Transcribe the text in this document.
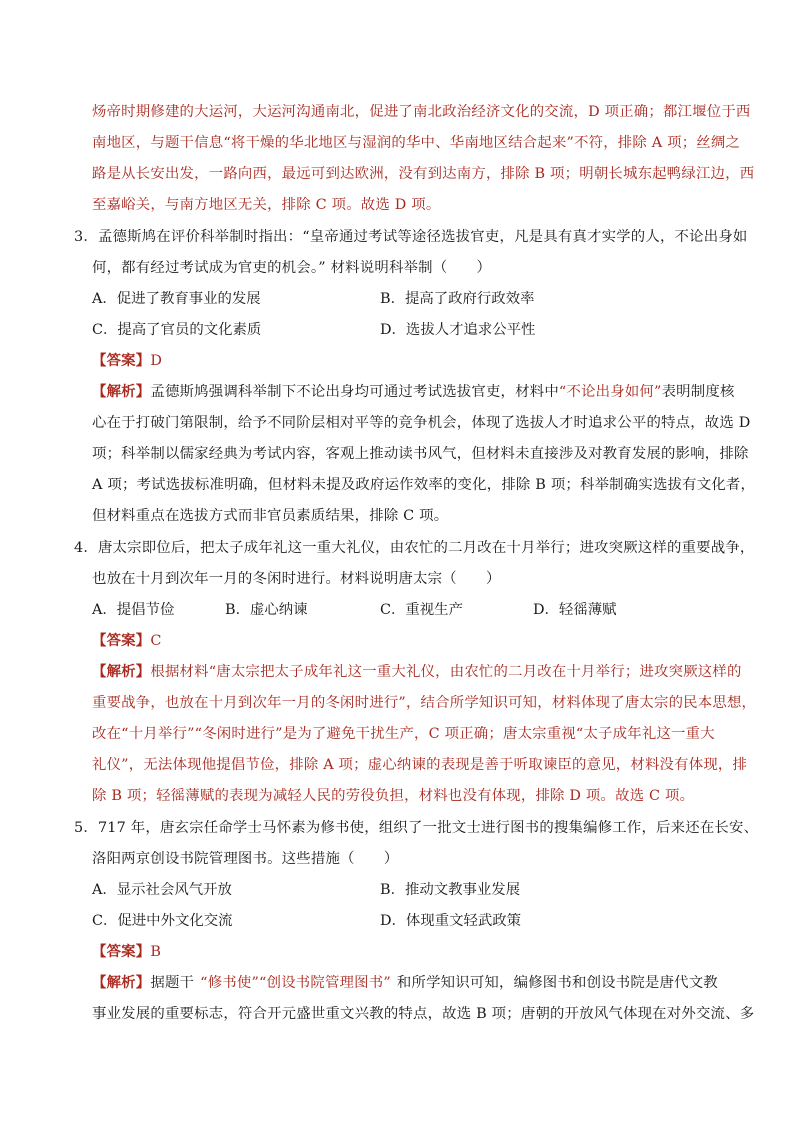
炀帝时期修建的大运河，大运河沟通南北，促进了南北政治经济文化的交流，D 项正确；都江堰位于西
南地区，与题干信息“将干燥的华北地区与湿润的华中、华南地区结合起来”不符，排除 A 项；丝绸之
路是从长安出发，一路向西，最远可到达欧洲，没有到达南方，排除 B 项；明朝长城东起鸭绿江边，西
至嘉峪关，与南方地区无关，排除 C 项。故选 D 项。
3．孟德斯鸠在评价科举制时指出：“皇帝通过考试等途径选拔官吏，凡是具有真才实学的人，不论出身如
何，都有经过考试成为官吏的机会。” 材料说明科举制（　　）
A．促进了教育事业的发展	B．提高了政府行政效率
C．提高了官员的文化素质	D．选拔人才追求公平性
【答案】D
【解析】孟德斯鸠强调科举制下不论出身均可通过考试选拔官吏，材料中“不论出身如何”表明制度核
心在于打破门第限制，给予不同阶层相对平等的竞争机会，体现了选拔人才时追求公平的特点，故选 D
项；科举制以儒家经典为考试内容，客观上推动读书风气，但材料未直接涉及对教育发展的影响，排除
A 项；考试选拔标准明确，但材料未提及政府运作效率的变化，排除 B 项；科举制确实选拔有文化者，
但材料重点在选拔方式而非官员素质结果，排除 C 项。
4．唐太宗即位后，把太子成年礼这一重大礼仪，由农忙的二月改在十月举行；进攻突厥这样的重要战争，
也放在十月到次年一月的冬闲时进行。材料说明唐太宗（　　）
A．提倡节俭	B．虚心纳谏	C．重视生产	D．轻徭薄赋
【答案】C
【解析】根据材料“唐太宗把太子成年礼这一重大礼仪，由农忙的二月改在十月举行；进攻突厥这样的
重要战争，也放在十月到次年一月的冬闲时进行”，结合所学知识可知，材料体现了唐太宗的民本思想，
改在“十月举行”“冬闲时进行”是为了避免干扰生产，C 项正确；唐太宗重视“太子成年礼这一重大
礼仪”，无法体现他提倡节俭，排除 A 项；虚心纳谏的表现是善于听取谏臣的意见，材料没有体现，排
除 B 项；轻徭薄赋的表现为减轻人民的劳役负担，材料也没有体现，排除 D 项。故选 C 项。
5．717 年，唐玄宗任命学士马怀素为修书使，组织了一批文士进行图书的搜集编修工作，后来还在长安、
洛阳两京创设书院管理图书。这些措施（　　）
A．显示社会风气开放	B．推动文教事业发展
C．促进中外文化交流	D．体现重文轻武政策
【答案】B
【解析】据题干 “修书使”“创设书院管理图书” 和所学知识可知，编修图书和创设书院是唐代文教
事业发展的重要标志，符合开元盛世重文兴教的特点，故选 B 项；唐朝的开放风气体现在对外交流、多
